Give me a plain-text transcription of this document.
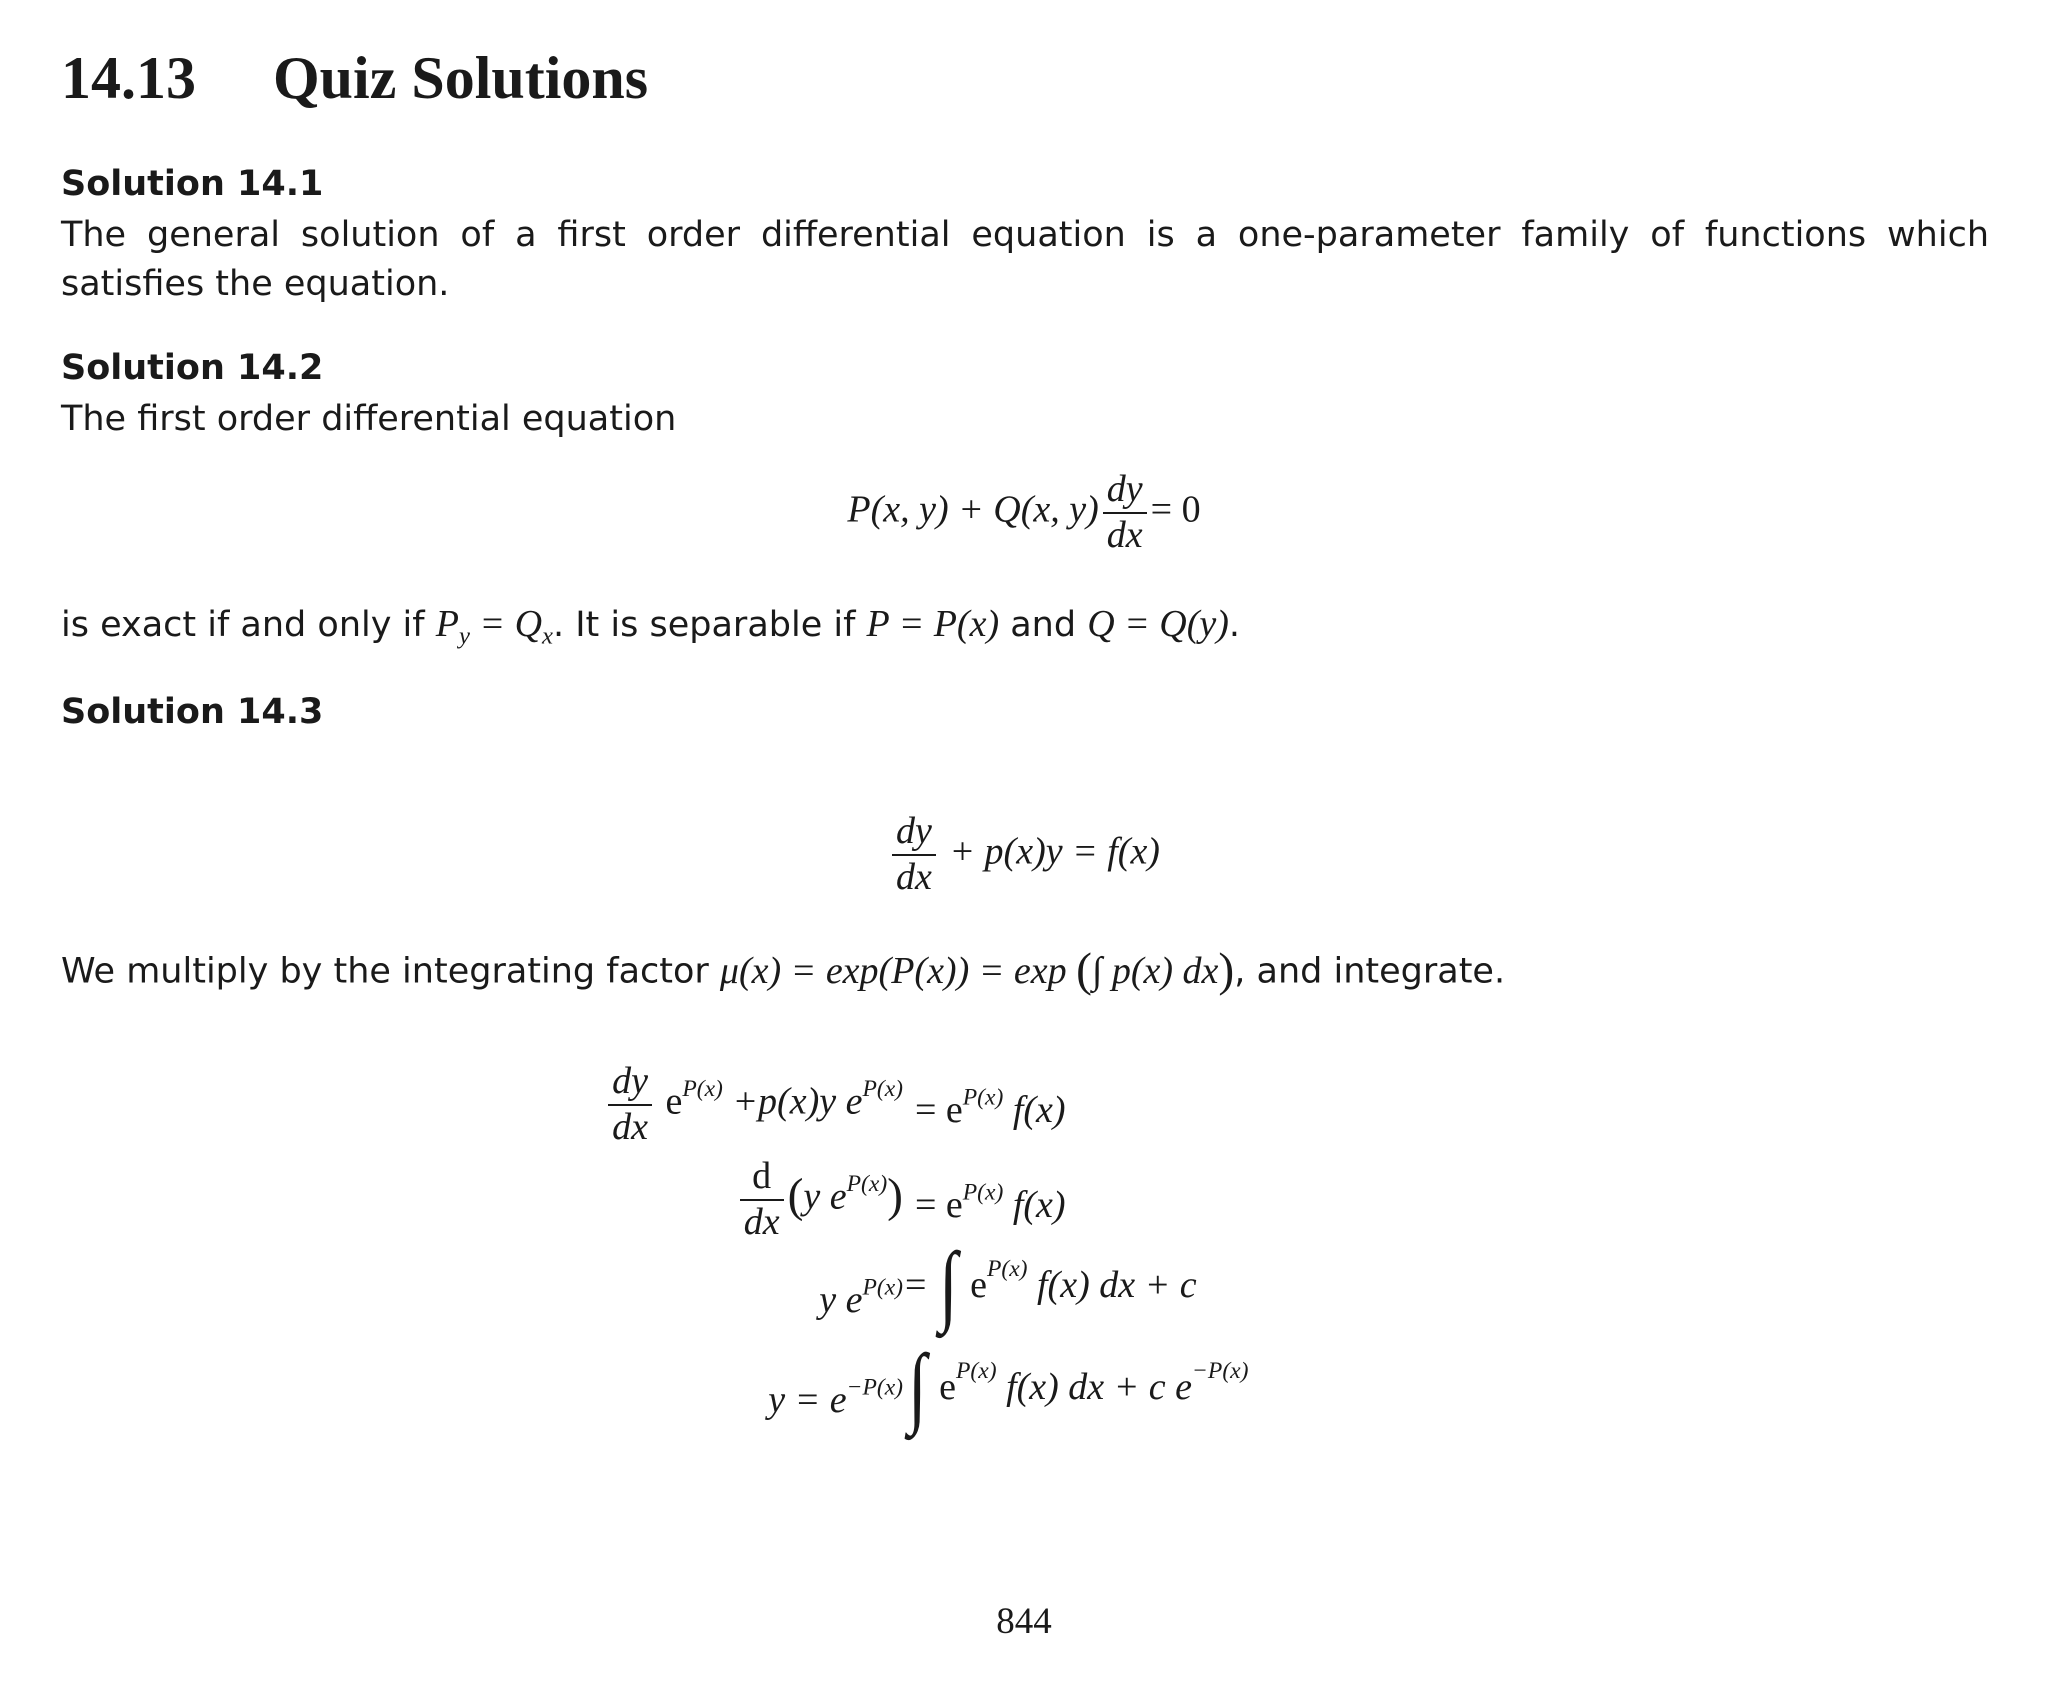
14.13 Quiz Solutions
Solution 14.1

The general solution of a first order differential equation is a one-parameter family of functions which satisfies the equation.

Solution 14.2

The first order differential equation

P(x, y) + Q(x, $y) \frac{dy}{dx} = 0$

is exact if and only if $P_y = Q_x$. It is separable if P = P(x) and Q = Q(y).

Solution 14.3
$\frac{dy}{dx} + p(x)y = f(x)$

We multiply by the integrating factor μ(x) = exp(P(x)) = exp (∫ p(x) dx), and integrate.

$\frac{dy}{dx} e^{P(x)} +p(x)y$ $e^{P(x)}$
= $e^{P(x)}$ f(x)
$\frac{d}{dx} (y$ $e^{P(x)}) = e^{P(x)}$ f(x)
y $e^{P(x)}$ = ∫ $e^{P(x)}$ f(x) dx + c
$y = e^{-P(x)}$ ∫ $e^{P(x)}$ f(x) dx + c $e^{-P(x)}$
844
